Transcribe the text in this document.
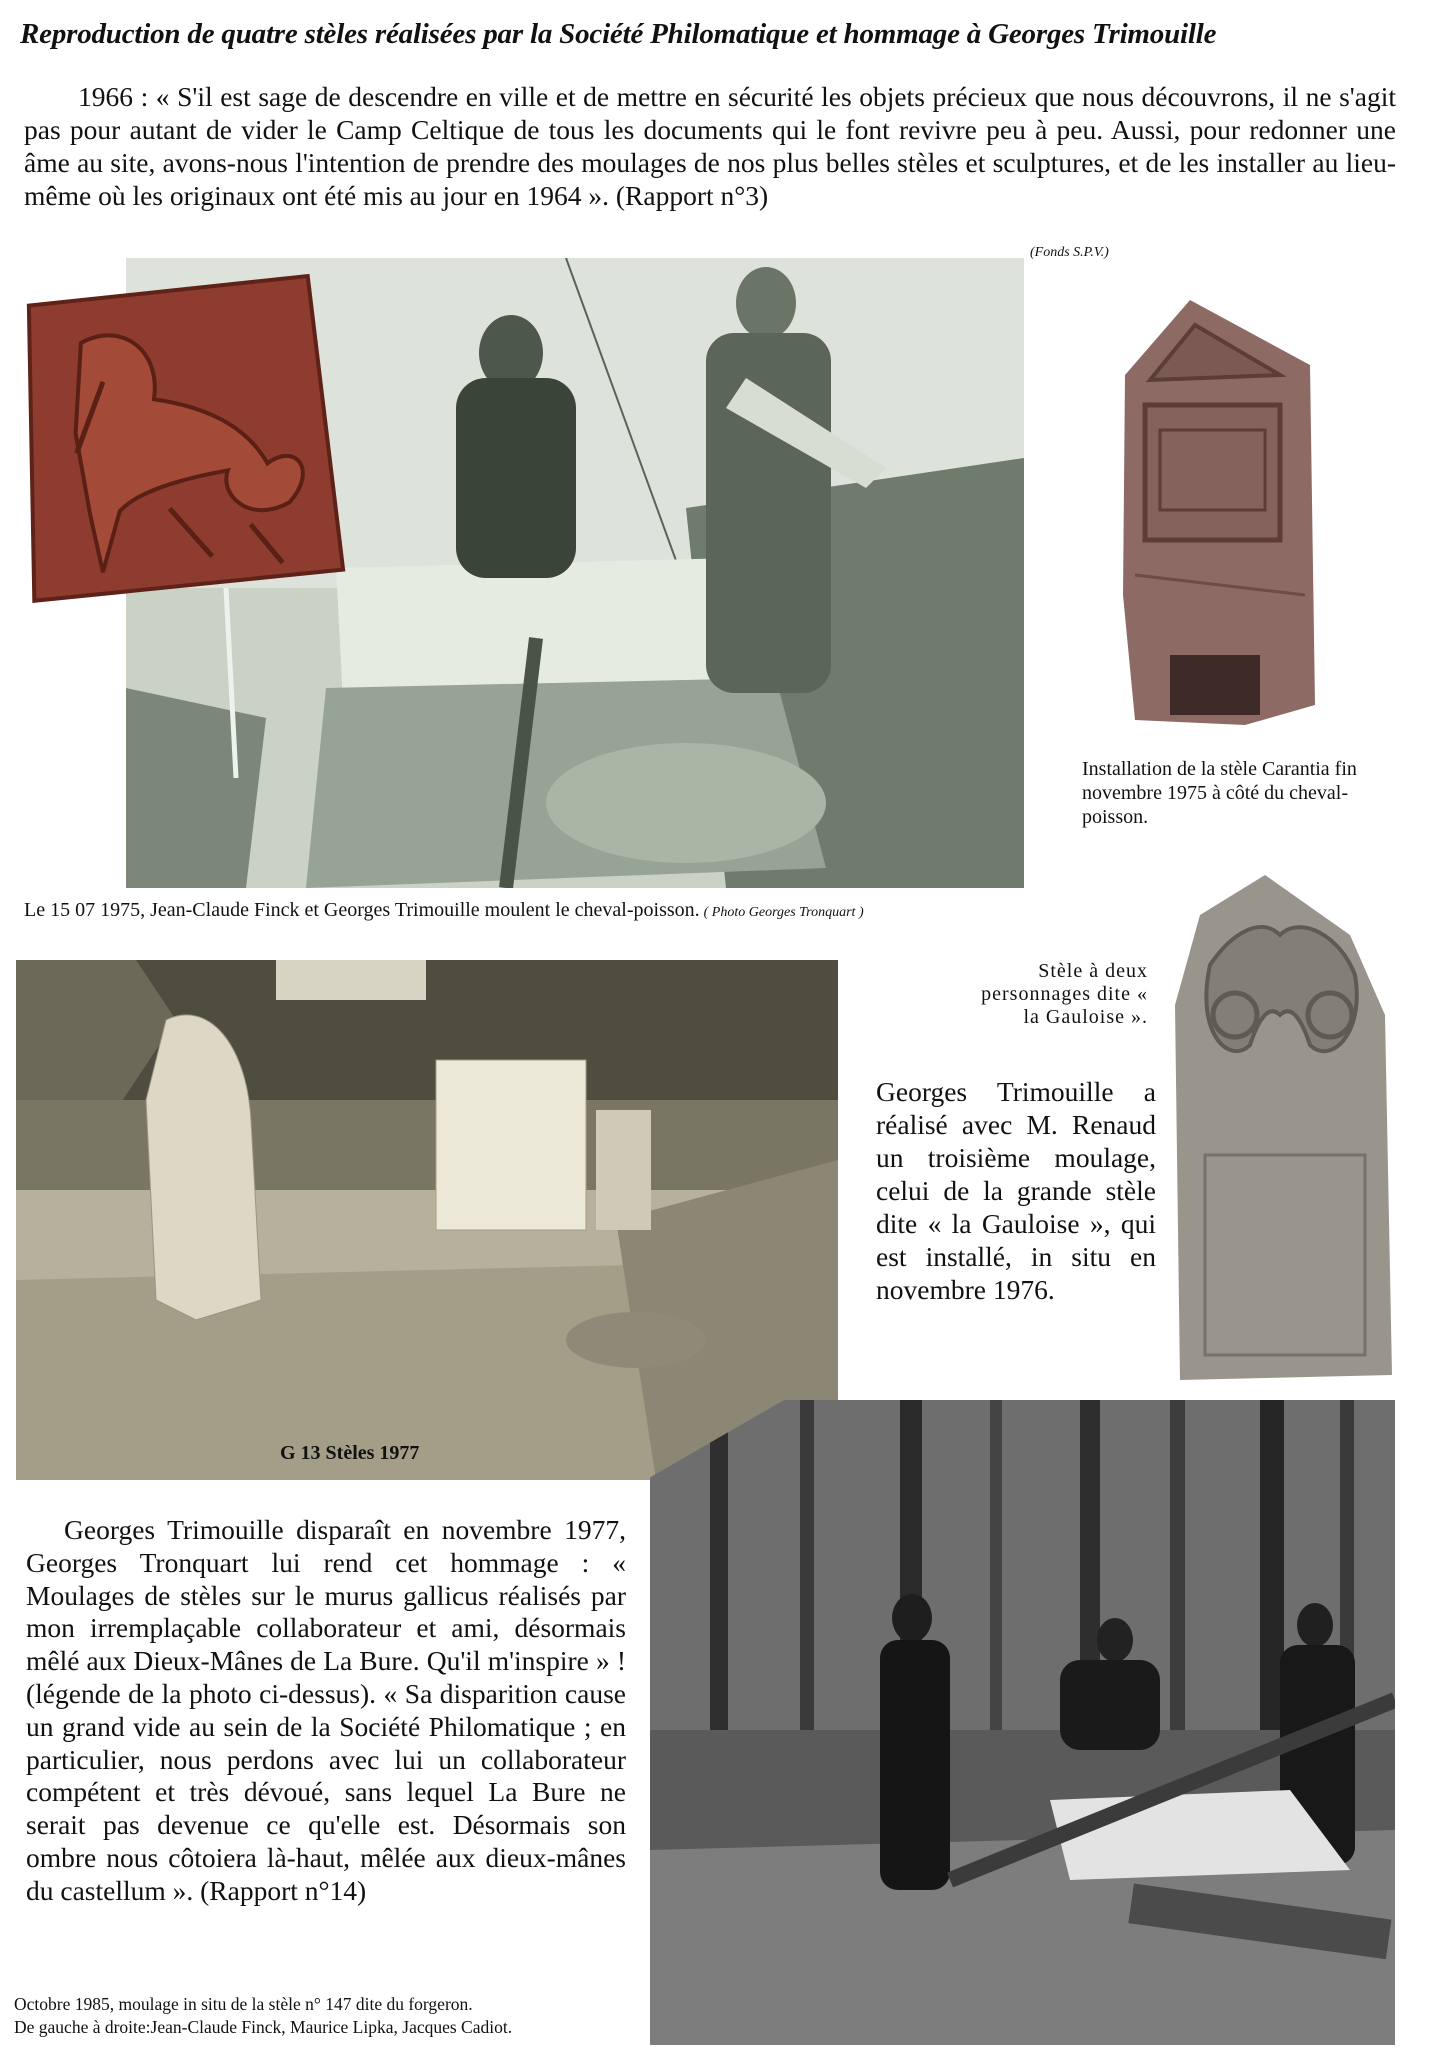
Reproduction de quatre stèles réalisées par la Société Philomatique et hommage à Georges Trimouille
1966 : « S'il est sage de descendre en ville et de mettre en sécurité les objets précieux que nous découvrons, il ne s'agit pas pour autant de vider le Camp Celtique de tous les documents qui le font revivre peu à peu. Aussi, pour redonner une âme au site, avons-nous l'intention de prendre des moulages de nos plus belles stèles et sculptures, et de les installer au lieu-même où les originaux ont été mis au jour en 1964 ». (Rapport n°3)
(Fonds S.P.V.)
Installation de la stèle Carantia fin novembre 1975 à côté du cheval-poisson.
Le 15 07 1975, Jean-Claude Finck et Georges Trimouille moulent le cheval-poisson. ( Photo Georges Tronquart )
G 13 Stèles 1977
Stèle à deux personnages dite « la Gauloise ».
Georges Trimouille a réalisé avec M. Renaud un troisième moulage, celui de la grande stèle dite « la Gauloise », qui est installé, in situ en novembre 1976.
Georges Trimouille disparaît en novembre 1977, Georges Tronquart lui rend cet hommage : « Moulages de stèles sur le murus gallicus réalisés par mon irremplaçable collaborateur et ami, désormais mêlé aux Dieux-Mânes de La Bure. Qu'il m'inspire » ! (légende de la photo ci-dessus). « Sa disparition cause un grand vide au sein de la Société Philomatique ; en particulier, nous perdons avec lui un collaborateur compétent et très dévoué, sans lequel La Bure ne serait pas devenue ce qu'elle est. Désormais son ombre nous côtoiera là-haut, mêlée aux dieux-mânes du castellum ». (Rapport n°14)
Octobre 1985, moulage in situ de la stèle n° 147 dite du forgeron.
De gauche à droite:Jean-Claude Finck, Maurice Lipka, Jacques Cadiot.
